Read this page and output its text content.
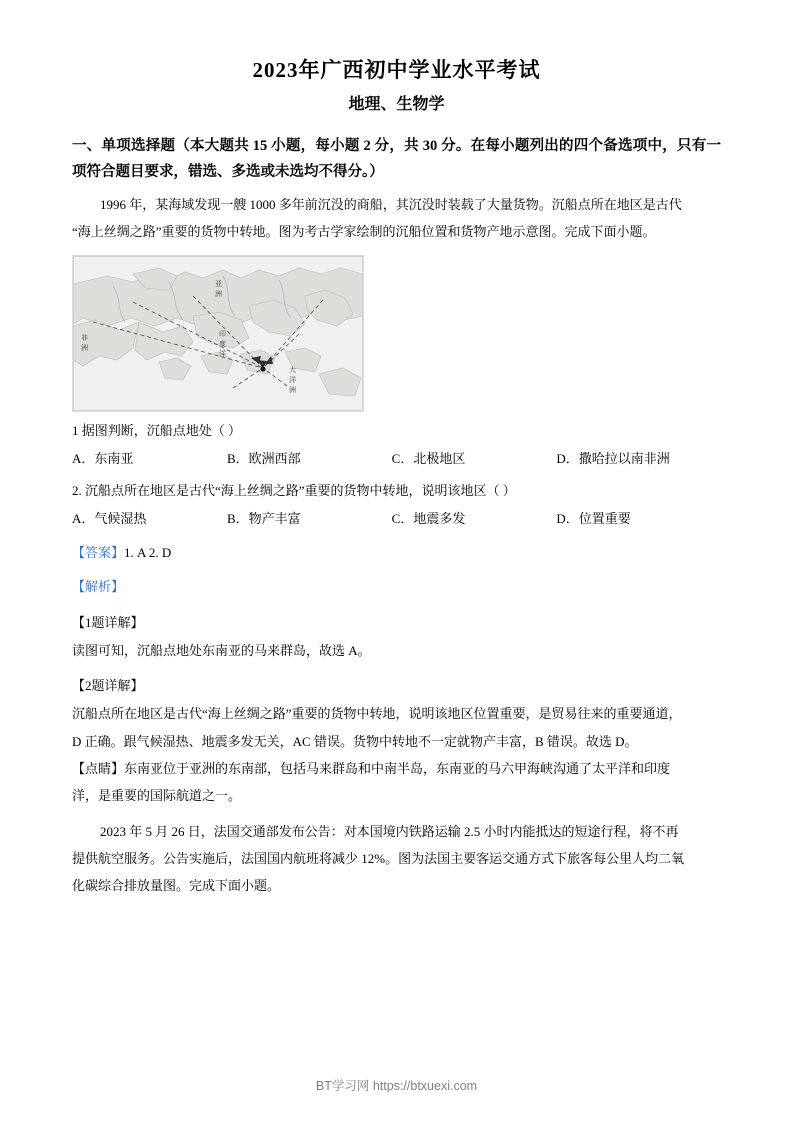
2023年广西初中学业水平考试
地理、生物学
一、单项选择题（本大题共 15 小题，每小题 2 分，共 30 分。在每小题列出的四个备选项中，只有一项符合题目要求，错选、多选或未选均不得分。）
1996 年，某海域发现一艘 1000 多年前沉没的商船，其沉没时装载了大量货物。沉船点所在地区是古代
“海上丝绸之路”重要的货物中转地。图为考古学家绘制的沉船位置和货物产地示意图。完成下面小题。
亚
洲
非
洲
印
度
洋
大
洋
洲
1 据图判断，沉船点地处（ ）
A．东南亚	B．欧洲西部	C．北极地区	D．撒哈拉以南非洲
2. 沉船点所在地区是古代“海上丝绸之路”重要的货物中转地，说明该地区（ ）
A．气候湿热	B．物产丰富	C．地震多发	D．位置重要
【答案】1. A 2. D
【解析】
【1题详解】
读图可知，沉船点地处东南亚的马来群岛，故选 A。
【2题详解】
沉船点所在地区是古代“海上丝绸之路”重要的货物中转地，说明该地区位置重要，是贸易往来的重要通道，
D 正确。跟气候湿热、地震多发无关，AC 错误。货物中转地不一定就物产丰富，B 错误。故选 D。
【点睛】东南亚位于亚洲的东南部，包括马来群岛和中南半岛，东南亚的马六甲海峡沟通了太平洋和印度
洋，是重要的国际航道之一。
2023 年 5 月 26 日，法国交通部发布公告：对本国境内铁路运输 2.5 小时内能抵达的短途行程，将不再
提供航空服务。公告实施后，法国国内航班将减少 12%。图为法国主要客运交通方式下旅客每公里人均二氧
化碳综合排放量图。完成下面小题。
BT学习网 https://btxuexi.com
